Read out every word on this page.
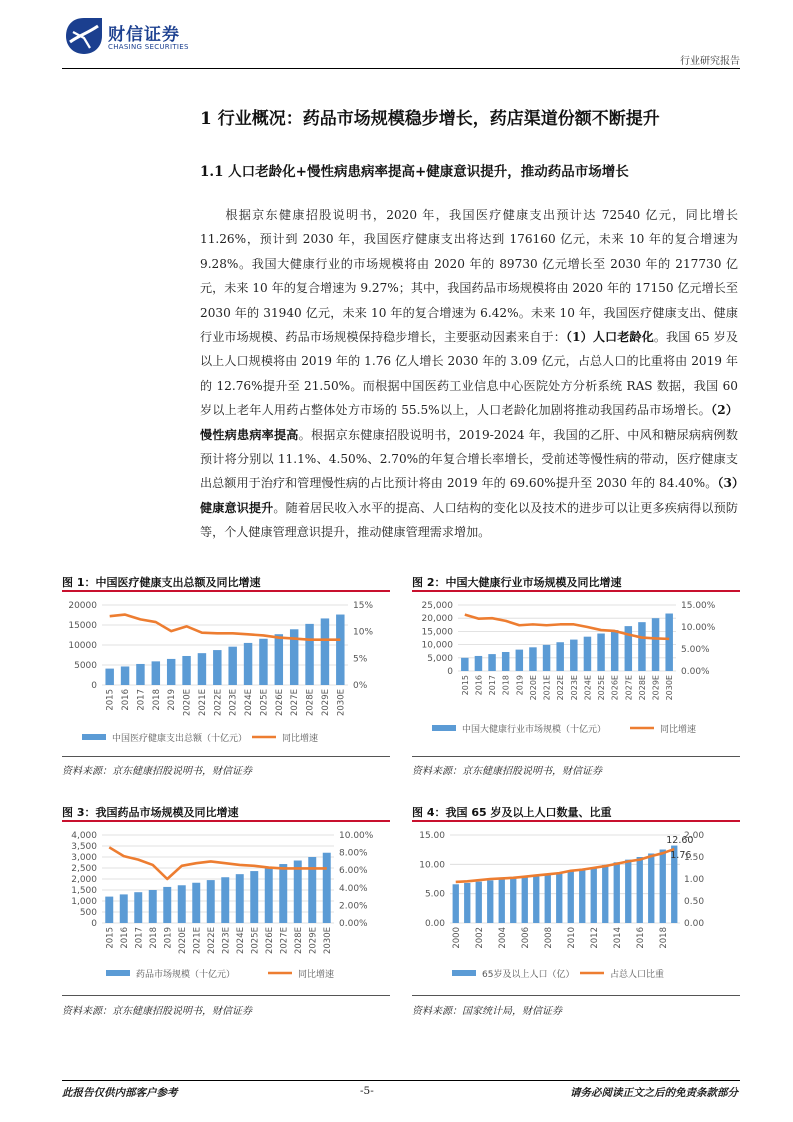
财信证券
CHASING SECURITIES
行业研究报告
1 行业概况：药品市场规模稳步增长，药店渠道份额不断提升
1.1 人口老龄化+慢性病患病率提高+健康意识提升，推动药品市场增长
根据京东健康招股说明书，2020 年，我国医疗健康支出预计达 72540 亿元，同比增长 11.26%，预计到 2030 年，我国医疗健康支出将达到 176160 亿元，未来 10 年的复合增速为 9.28%。我国大健康行业的市场规模将由 2020 年的 89730 亿元增长至 2030 年的 217730 亿元，未来 10 年的复合增速为 9.27%；其中，我国药品市场规模将由 2020 年的 17150 亿元增长至 2030 年的 31940 亿元，未来 10 年的复合增速为 6.42%。未来 10 年，我国医疗健康支出、健康行业市场规模、药品市场规模保持稳步增长，主要驱动因素来自于：（1）人口老龄化。我国 65 岁及以上人口规模将由 2019 年的 1.76 亿人增长 2030 年的 3.09 亿元，占总人口的比重将由 2019 年的 12.76%提升至 21.50%。而根据中国医药工业信息中心医院处方分析系统 RAS 数据，我国 60 岁以上老年人用药占整体处方市场的 55.5%以上，人口老龄化加剧将推动我国药品市场增长。（2）慢性病患病率提高。根据京东健康招股说明书，2019-2024 年，我国的乙肝、中风和糖尿病病例数预计将分别以 11.1%、4.50%、2.70%的年复合增长率增长，受前述等慢性病的带动，医疗健康支出总额用于治疗和管理慢性病的占比预计将由 2019 年的 69.60%提升至 2030 年的 84.40%。（3）健康意识提升。随着居民收入水平的提高、人口结构的变化以及技术的进步可以让更多疾病得以预防等，个人健康管理意识提升，推动健康管理需求增加。
图 1：中国医疗健康支出总额及同比增速
0
5000
10000
15000
20000
0%
5%
10%
15%
2015 2016 2017 2018 2019 2020E 2021E 2022E 2023E 2024E 2025E 2026E 2027E 2028E 2029E 2030E
中国医疗健康支出总额（十亿元）	同比增速
资料来源：京东健康招股说明书，财信证券
图 2：中国大健康行业市场规模及同比增速
0
5,000
10,000
15,000
20,000
25,000
0.00%
5.00%
10.00%
15.00%
2015 2016 2017 2018 2019 2020E 2021E 2022E 2023E 2024E 2025E 2026E 2027E 2028E 2029E 2030E
中国大健康行业市场规模（十亿元）	同比增速
资料来源：京东健康招股说明书，财信证券
图 3：我国药品市场规模及同比增速
0
500
1,000
1,500
2,000
2,500
3,000
3,500
4,000
0.00%
2.00%
4.00%
6.00%
8.00%
10.00%
2015 2016 2017 2018 2019 2020E 2021E 2022E 2023E 2024E 2025E 2026E 2027E 2028E 2029E 2030E
药品市场规模（十亿元）	同比增速
资料来源：京东健康招股说明书，财信证券
图 4：我国 65 岁及以上人口数量、比重
0.00
5.00
10.00
15.00
2000 2002 2004 2006 2008 2010 2012 2014 2016 2018
12.60
1.76
65岁及以上人口（亿）	占总人口比重
0.00
0.50
1.00
1.50
2.00
资料来源：国家统计局，财信证券
此报告仅供内部客户参考	-5-	请务必阅读正文之后的免责条款部分
